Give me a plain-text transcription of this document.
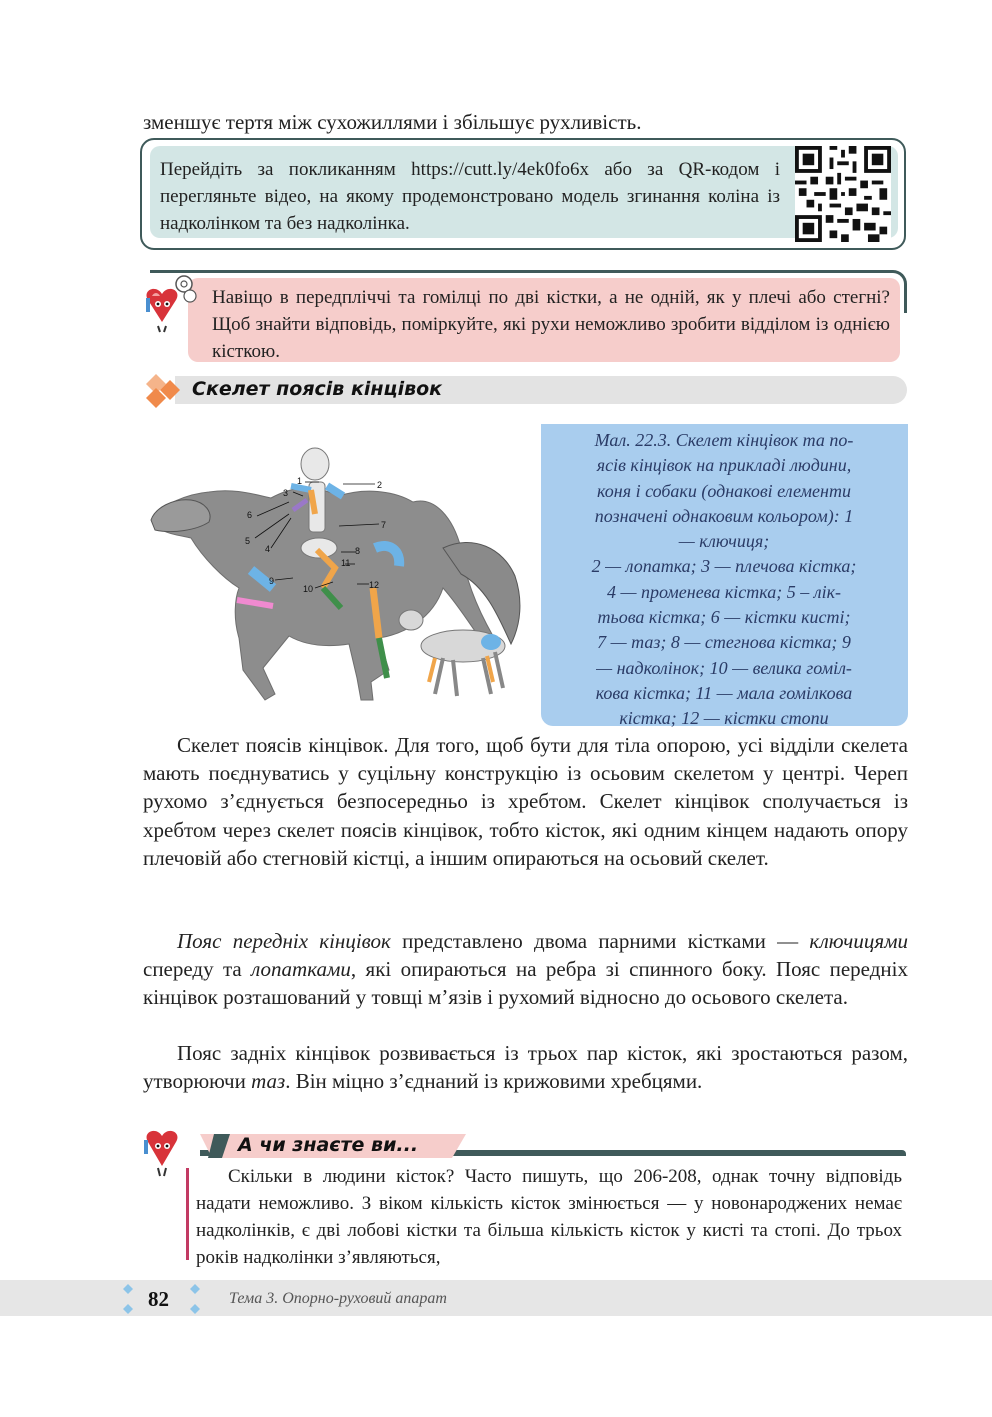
зменшує тертя між сухожиллями і збільшує рухливість.
Перейдіть за покликанням https://cutt.ly/4ek0fo6x або за QR-кодом і перегляньте відео, на якому продемонстровано модель згинання коліна із надколінком та без надколінка.
Навіщо в передпліччі та гомілці по дві кістки, а не одній, як у плечі або стегні? Щоб знайти відповідь, поміркуйте, які рухи неможливо зробити відділом із однією кісткою.
Скелет поясів кінцівок
1	2
3
4
5
6
7
8
9
10
11
12
Мал. 22.3. Скелет кінцівок та по-
ясів кінцівок на прикладі людини,
коня і собаки (однакові елементи
позначені однаковим кольором): 1
— ключиця;
2 — лопатка; 3 — плечова кістка;
4 — променева кістка; 5 – лік-
тьова кістка; 6 — кістки кисті;
7 — таз; 8 — стегнова кістка; 9
— надколінок; 10 — велика гоміл-
кова кістка; 11 — мала гомілкова
кістка; 12 — кістки стопи
Скелет поясів кінцівок. Для того, щоб бути для тіла опорою, усі відділи скелета мають поєднуватись у суцільну конструкцію із осьовим скелетом у центрі. Череп рухомо з’єднується безпосередньо із хребтом. Скелет кінцівок сполучається із хребтом через скелет поясів кінцівок, тобто кісток, які одним кінцем надають опору плечовій або стегновій кістці, а іншим опираються на осьовий скелет.
Пояс передніх кінцівок представлено двома парними кістками — ключицями спереду та лопатками, які опираються на ребра зі спинного боку. Пояс передніх кінцівок розташований у товщі м’язів і рухомий відносно до осьового скелета.
Пояс задніх кінцівок розвивається із трьох пар кісток, які зростаються разом, утворюючи таз. Він міцно з’єднаний із крижовими хребцями.
А чи знаєте ви...
Скільки в людини кісток? Часто пишуть, що 206-208, однак точну відповідь надати неможливо. З віком кількість кісток змінюється — у новонароджених немає надколінків, є дві лобові кістки та більша кількість кісток у кисті та стопі. До трьох років надколінки з’являються,
82	Тема 3. Опорно-руховий апарат
